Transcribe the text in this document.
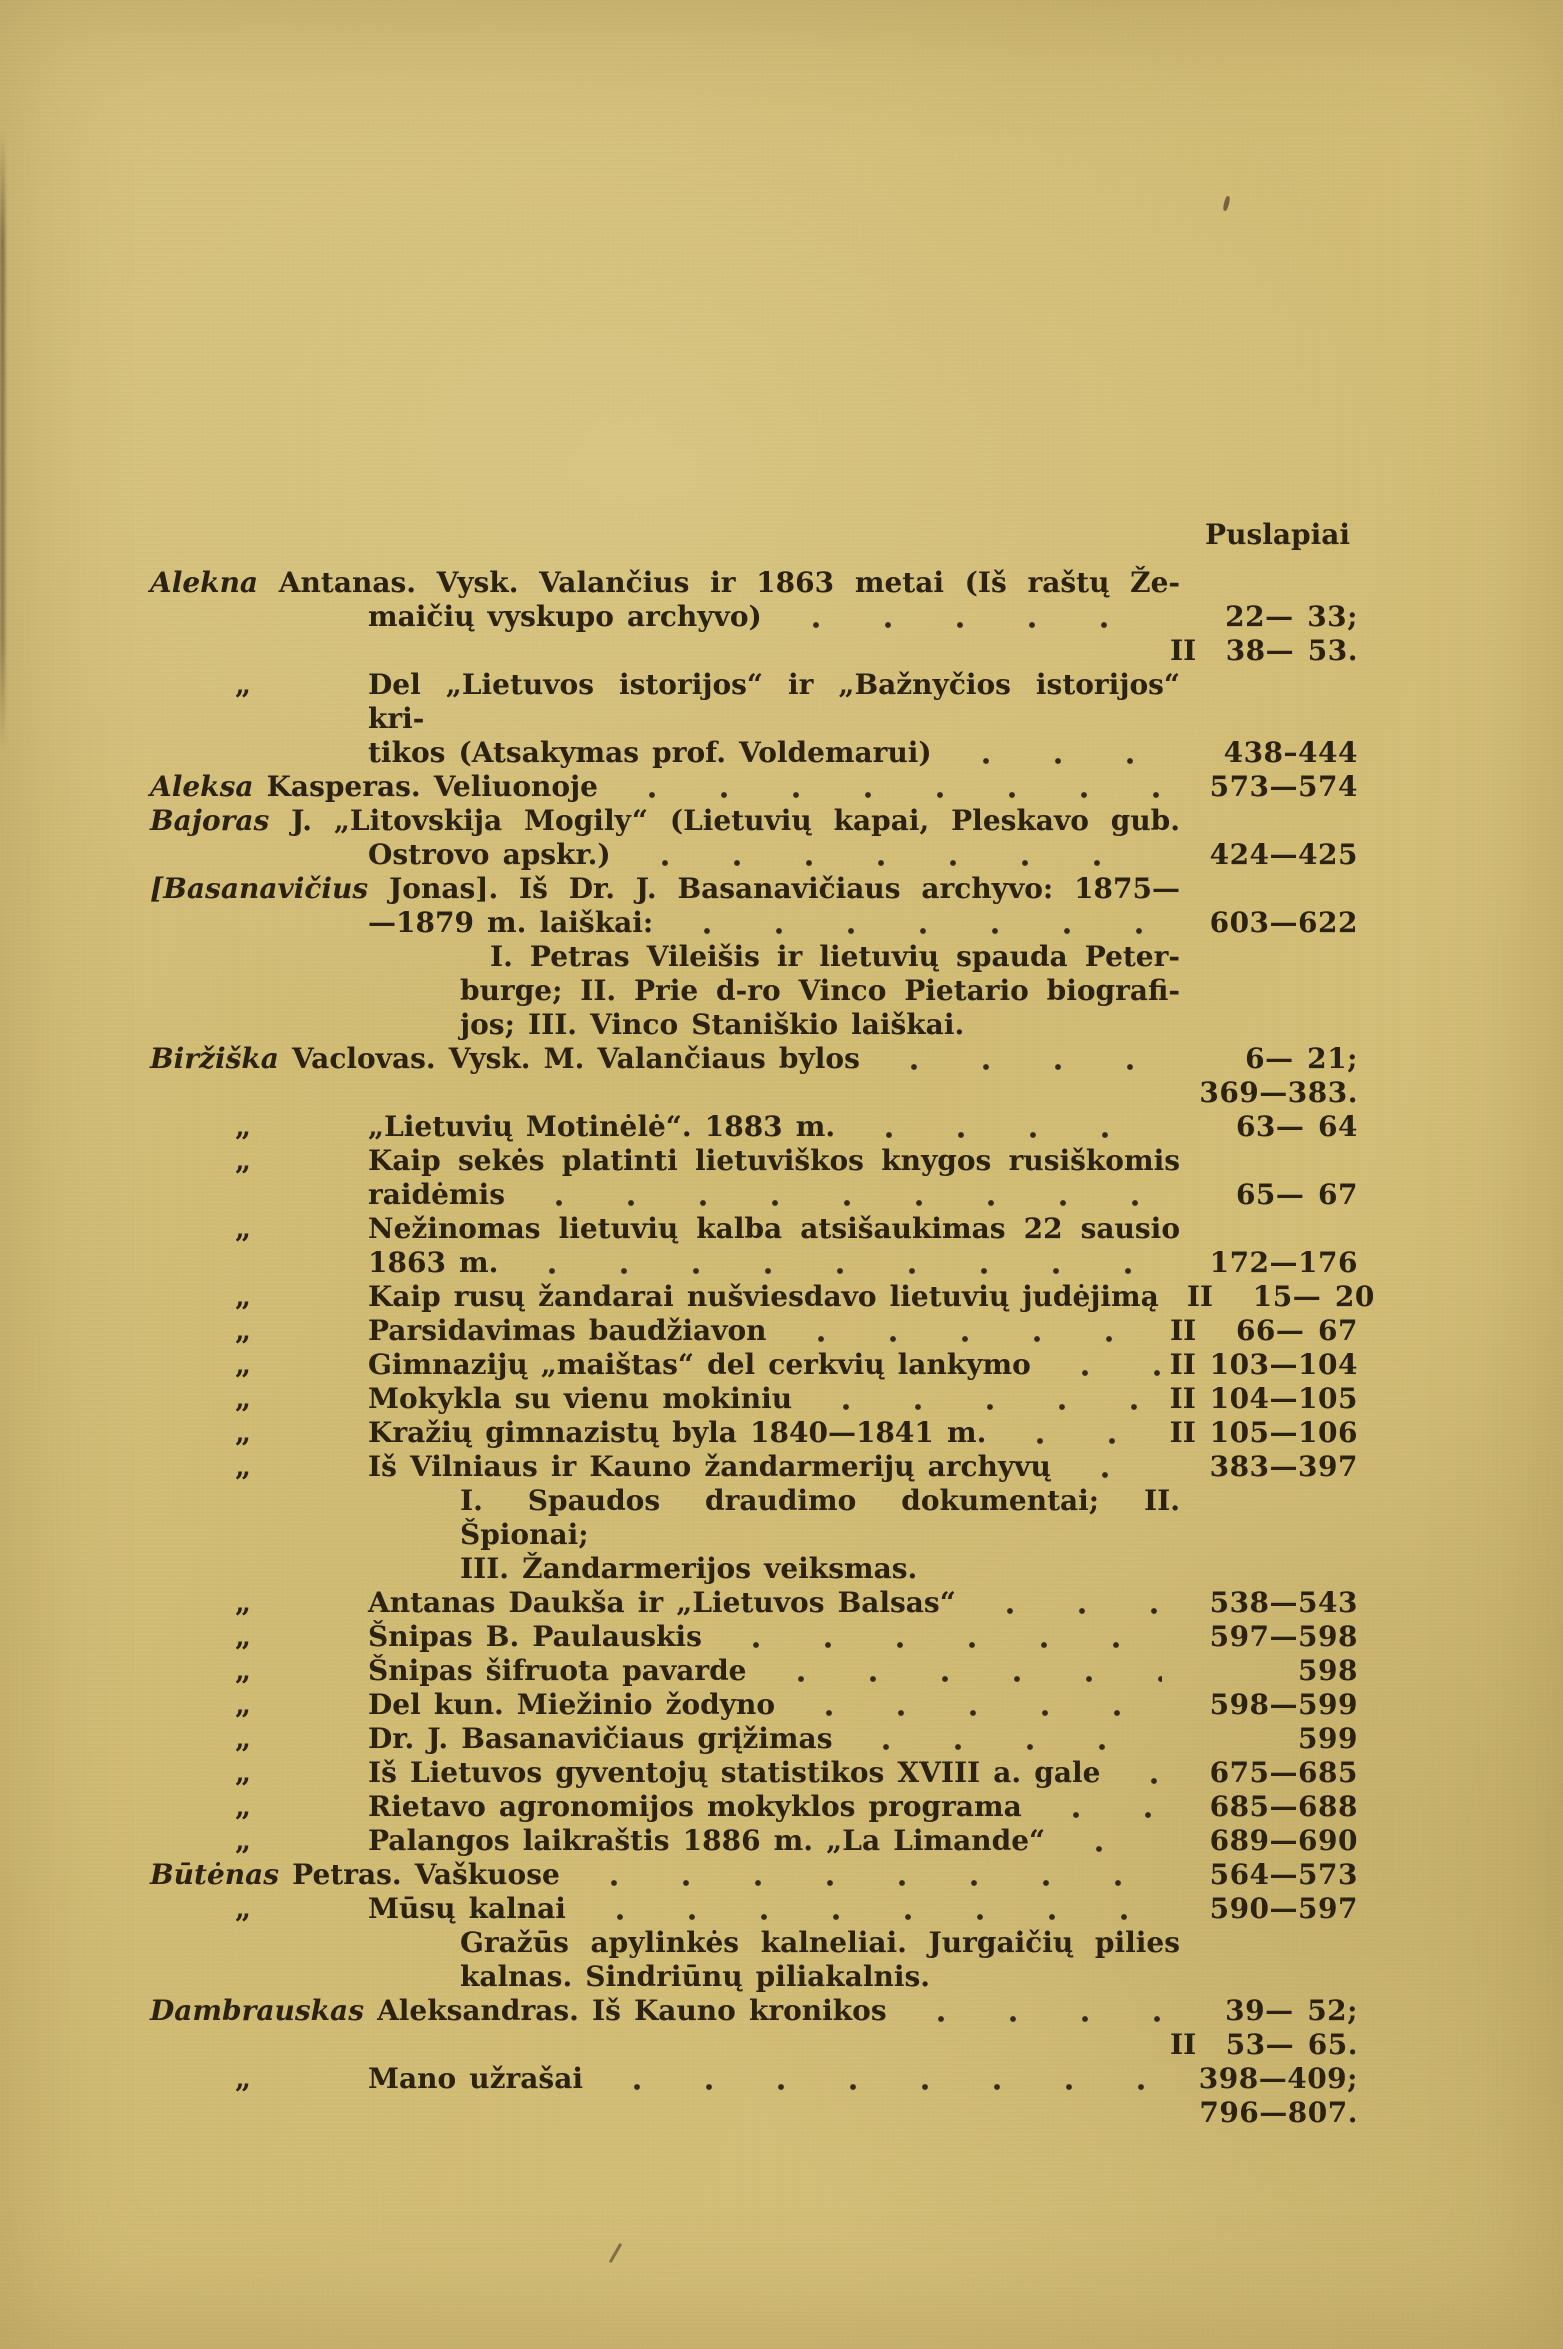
Puslapiai
Alekna Antanas. Vysk. Valančius ir 1863 metai (Iš raštų Že-
maičių vyskupo archyvo)	22— 33;
II	38— 53.
„	Del „Lietuvos istorijos“ ir „Bažnyčios istorijos“ kri-
tikos (Atsakymas prof. Voldemarui)	438–444
Aleksa Kasperas. Veliuonoje	573—574
Bajoras J. „Litovskija Mogily“ (Lietuvių kapai, Pleskavo gub.
Ostrovo apskr.)	424—425
[Basanavičius Jonas]. Iš Dr. J. Basanavičiaus archyvo: 1875—
—1879 m. laiškai:	603—622
I. Petras Vileišis ir lietuvių spauda Peter-
burge; II. Prie d-ro Vinco Pietario biografi-
jos; III. Vinco Staniškio laiškai.
Biržiška Vaclovas. Vysk. M. Valančiaus bylos	6— 21;
369—383.
„	„Lietuvių Motinėlė“. 1883 m.	63— 64
„	Kaip sekės platinti lietuviškos knygos rusiškomis
raidėmis	65— 67
„	Nežinomas lietuvių kalba atsišaukimas 22 sausio
1863 m.	172—176
„	Kaip rusų žandarai nušviesdavo lietuvių judėjimą II	15— 20
„	Parsidavimas baudžiavon	II	66— 67
„	Gimnazijų „maištas“ del cerkvių lankymo	II 103—104
„	Mokykla su vienu mokiniu	II 104—105
„	Kražių gimnazistų byla 1840—1841 m.	II 105—106
„	Iš Vilniaus ir Kauno žandarmerijų archyvų	383—397
I. Spaudos draudimo dokumentai; II. Špionai;
III. Žandarmerijos veiksmas.
„	Antanas Daukša ir „Lietuvos Balsas“	538—543
„	Šnipas B. Paulauskis	597—598
„	Šnipas šifruota pavarde	598
„	Del kun. Miežinio žodyno	598—599
„	Dr. J. Basanavičiaus grįžimas	599
„	Iš Lietuvos gyventojų statistikos XVIII a. gale	675—685
„	Rietavo agronomijos mokyklos programa	685—688
„	Palangos laikraštis 1886 m. „La Limande“	689—690
Būtėnas Petras. Vaškuose	564—573
„	Mūsų kalnai	590—597
Gražūs apylinkės kalneliai. Jurgaičių pilies
kalnas. Sindriūnų piliakalnis.
Dambrauskas Aleksandras. Iš Kauno kronikos	39— 52;
II	53— 65.
„	Mano užrašai	398—409;
796—807.
